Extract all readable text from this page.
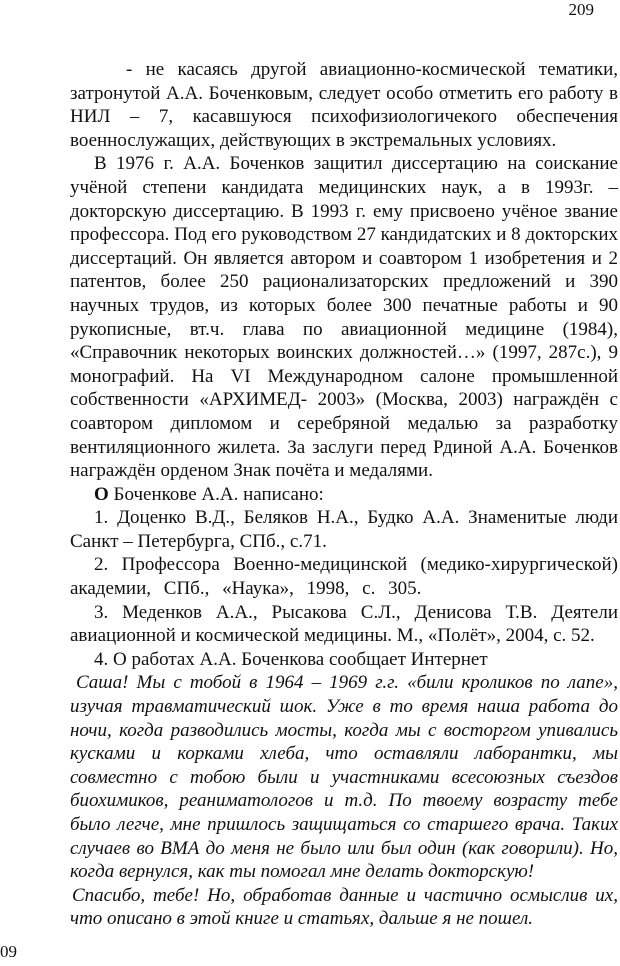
209
09

- не касаясь другой авиационно-космической тематики, затронутой А.А. Боченковым, следует особо отметить его работу в НИЛ – 7, касавшуюся психофизиологичекого обеспечения военнослужащих, действующих в экстремальных условиях.

В 1976 г. А.А. Боченков защитил диссертацию на соискание учёной степени кандидата медицинских наук, а в 1993г. – докторскую диссертацию. В 1993 г. ему присвоено учёное звание профессора. Под его руководством 27 кандидатских и 8 докторских диссертаций. Он является автором и соавтором 1 изобретения и 2 патентов, более 250 рационализаторских предложений и 390 научных трудов, из которых более 300 печатные работы и 90 рукописные, вт.ч. глава по авиационной медицине (1984), «Справочник некоторых воинских должностей…» (1997, 287с.), 9 монографий. На VI Международном салоне промышленной собственности «АРХИМЕД- 2003» (Москва, 2003) награждён с соавтором дипломом и серебряной медалью за разработку вентиляционного жилета. За заслуги перед Рдиной А.А. Боченков награждён орденом Знак почёта и медалями.

О Боченкове А.А. написано:

1. Доценко В.Д., Беляков Н.А., Будко А.А. Знаменитые люди Санкт – Петербурга, СПб., с.71.

2. Профессора Военно-медицинской (медико-хирургической) академии, СПб., «Наука», 1998, с. 305.

3. Меденков А.А., Рысакова С.Л., Денисова Т.В. Деятели авиационной и космической медицины. М., «Полёт», 2004, с. 52.

4. О работах А.А. Боченкова сообщает Интернет

Саша! Мы с тобой в 1964 – 1969 г.г. «били кроликов по лапе», изучая травматический шок. Уже в то время наша работа до ночи, когда разводились мосты, когда мы с восторгом упивались кусками и корками хлеба, что оставляли лаборантки, мы совместно с тобою были и участниками всесоюзных съездов биохимиков, реаниматологов и т.д. По твоему возрасту тебе было легче, мне пришлось защищаться со старшего врача. Таких случаев во ВМА до меня не было или был один (как говорили). Но, когда вернулся, как ты помогал мне делать докторскую!

Спасибо, тебе! Но, обработав данные и частично осмыслив их, что описано в этой книге и статьях, дальше я не пошел.
